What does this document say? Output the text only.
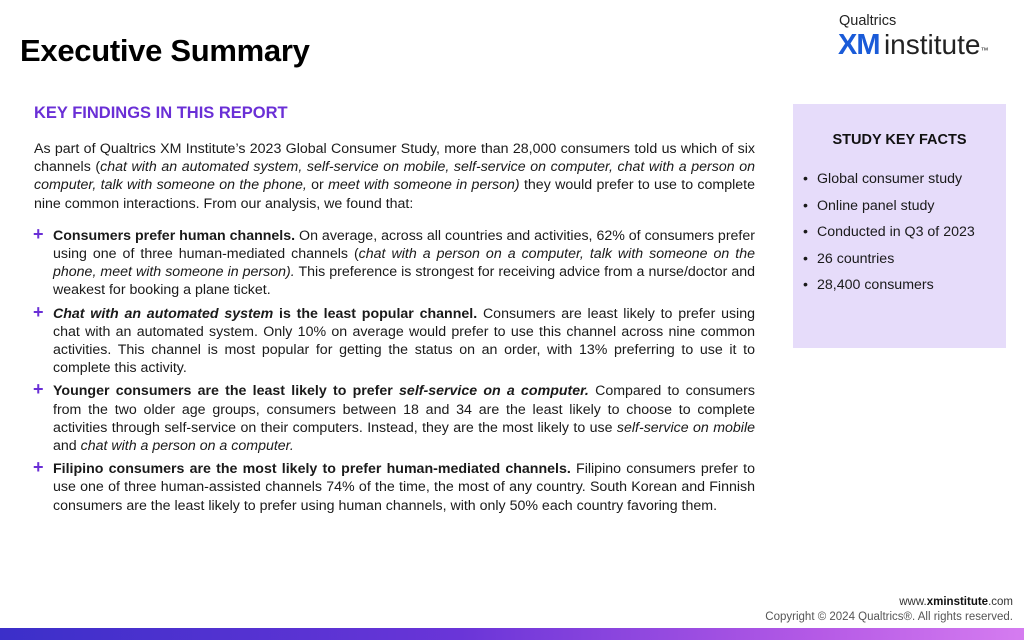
Executive Summary
Qualtrics
XM institute™
KEY FINDINGS IN THIS REPORT

As part of Qualtrics XM Institute’s 2023 Global Consumer Study, more than 28,000 consumers told us which of six channels (chat with an automated system, self-service on mobile, self-service on computer, chat with a person on computer, talk with someone on the phone, or meet with someone in person) they would prefer to use to complete nine common interactions. From our analysis, we found that:

+ Consumers prefer human channels. On average, across all countries and activities, 62% of consumers prefer using one of three human-mediated channels (chat with a person on a computer, talk with someone on the phone, meet with someone in person). This preference is strongest for receiving advice from a nurse/doctor and weakest for booking a plane ticket.
+ Chat with an automated system is the least popular channel. Consumers are least likely to prefer using chat with an automated system. Only 10% on average would prefer to use this channel across nine common activities. This channel is most popular for getting the status on an order, with 13% preferring to use it to complete this activity.
+ Younger consumers are the least likely to prefer self-service on a computer. Compared to consumers from the two older age groups, consumers between 18 and 34 are the least likely to choose to complete activities through self-service on their computers. Instead, they are the most likely to use self-service on mobile and chat with a person on a computer.
+ Filipino consumers are the most likely to prefer human-mediated channels. Filipino consumers prefer to use one of three human-assisted channels 74% of the time, the most of any country. South Korean and Finnish consumers are the least likely to prefer using human channels, with only 50% each country favoring them.
STUDY KEY FACTS
• Global consumer study
• Online panel study
• Conducted in Q3 of 2023
• 26 countries
• 28,400 consumers
www.xminstitute.com
Copyright © 2024 Qualtrics®. All rights reserved.
